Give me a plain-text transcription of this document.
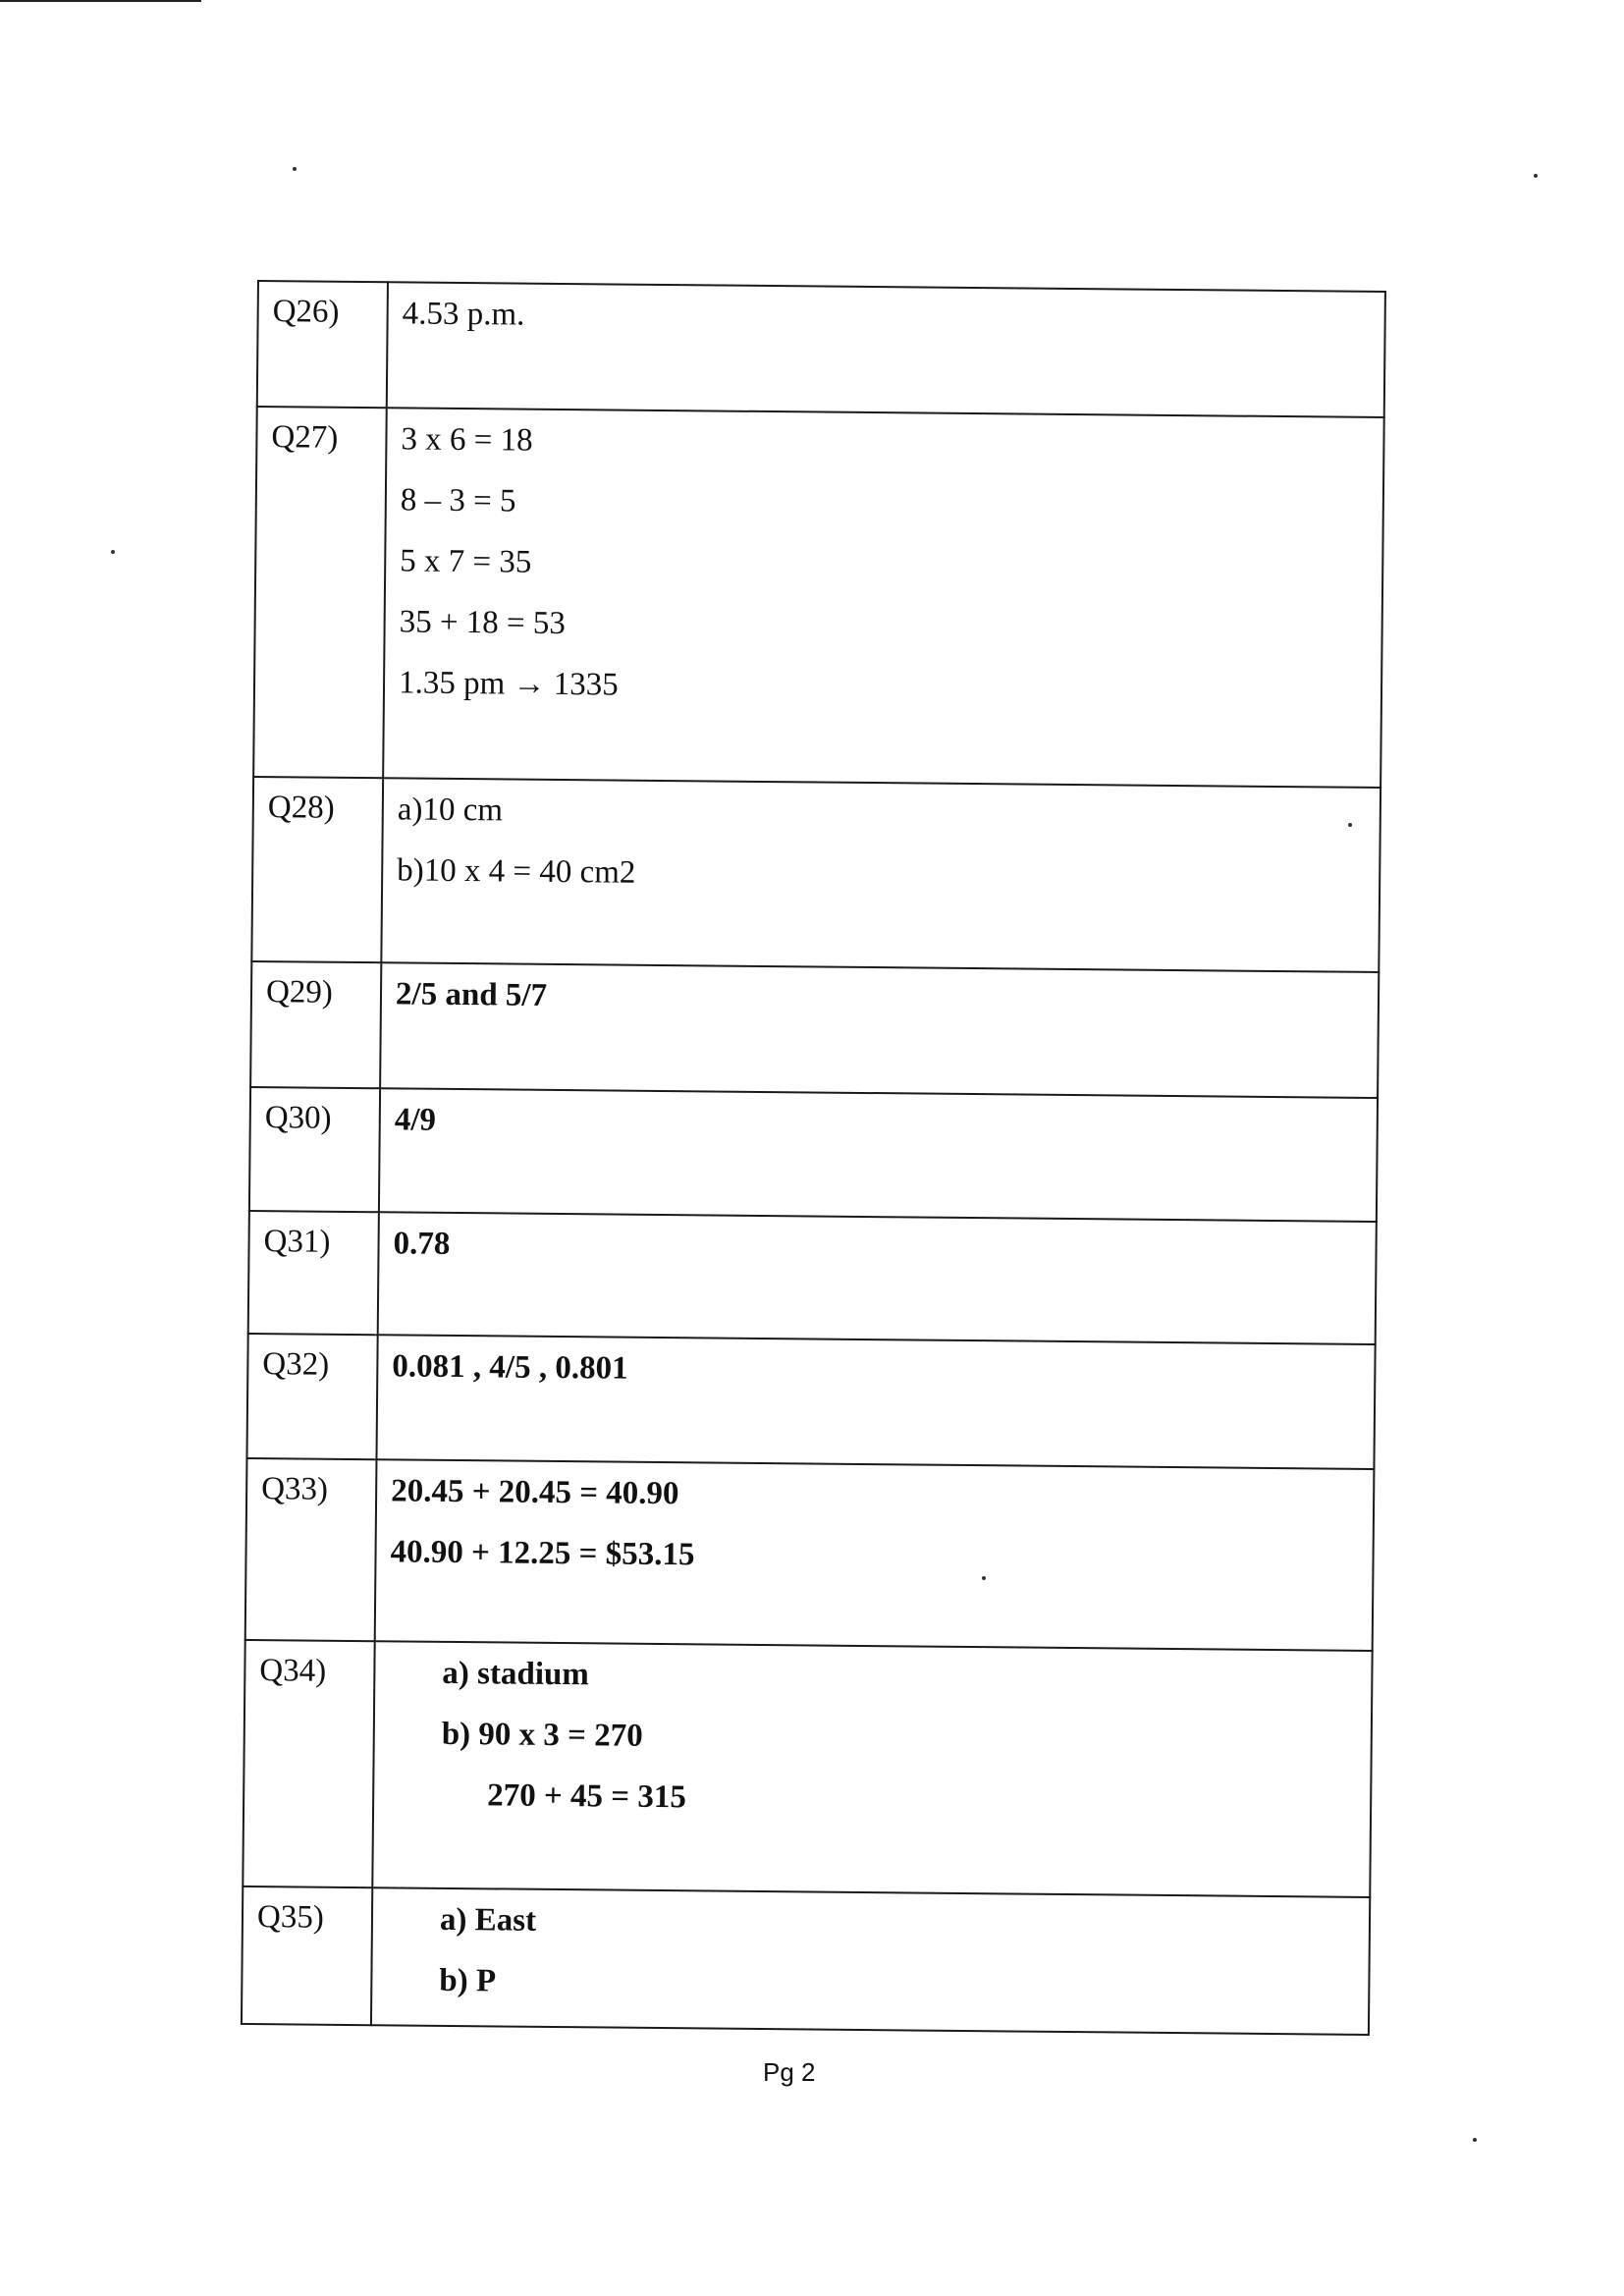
Q26)	4.53 p.m.

Q27)	3 x 6 = 18
8 – 3 = 5
5 x 7 = 35
35 + 18 = 53
1.35 pm → 1335

Q28)	a)10 cm
b)10 x 4 = 40 cm2

Q29)	2/5 and 5/7

Q30)	4/9

Q31)	0.78

Q32)	0.081 , 4/5 , 0.801

Q33)	20.45 + 20.45 = 40.90
40.90 + 12.25 = $53.15

Q34)	a) stadium
b) 90 x 3 = 270
270 + 45 = 315

Q35)	a) East
b) P
Pg 2
